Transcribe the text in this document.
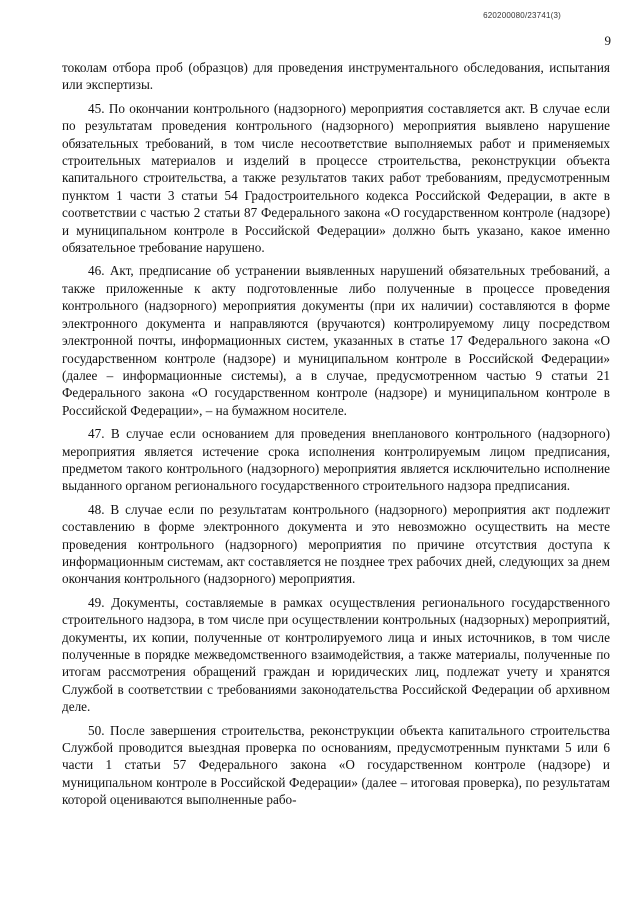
620200080/23741(3)
9

токолам отбора проб (образцов) для проведения инструментального обследования, испытания или экспертизы.

45. По окончании контрольного (надзорного) мероприятия составляется акт. В случае если по результатам проведения контрольного (надзорного) мероприятия выявлено нарушение обязательных требований, в том числе несоответствие выполняемых работ и применяемых строительных материалов и изделий в процессе строительства, реконструкции объекта капитального строительства, а также результатов таких работ требованиям, предусмотренным пунктом 1 части 3 статьи 54 Градостроительного кодекса Российской Федерации, в акте в соответствии с частью 2 статьи 87 Федерального закона «О государственном контроле (надзоре) и муниципальном контроле в Российской Федерации» должно быть указано, какое именно обязательное требование нарушено.

46. Акт, предписание об устранении выявленных нарушений обязательных требований, а также приложенные к акту подготовленные либо полученные в процессе проведения контрольного (надзорного) мероприятия документы (при их наличии) составляются в форме электронного документа и направляются (вручаются) контролируемому лицу посредством электронной почты, информационных систем, указанных в статье 17 Федерального закона «О государственном контроле (надзоре) и муниципальном контроле в Российской Федерации» (далее – информационные системы), а в случае, предусмотренном частью 9 статьи 21 Федерального закона «О государственном контроле (надзоре) и муниципальном контроле в Российской Федерации», – на бумажном носителе.

47. В случае если основанием для проведения внепланового контрольного (надзорного) мероприятия является истечение срока исполнения контролируемым лицом предписания, предметом такого контрольного (надзорного) мероприятия является исключительно исполнение выданного органом регионального государственного строительного надзора предписания.

48. В случае если по результатам контрольного (надзорного) мероприятия акт подлежит составлению в форме электронного документа и это невозможно осуществить на месте проведения контрольного (надзорного) мероприятия по причине отсутствия доступа к информационным системам, акт составляется не позднее трех рабочих дней, следующих за днем окончания контрольного (надзорного) мероприятия.

49. Документы, составляемые в рамках осуществления регионального государственного строительного надзора, в том числе при осуществлении контрольных (надзорных) мероприятий, документы, их копии, полученные от контролируемого лица и иных источников, в том числе полученные в порядке межведомственного взаимодействия, а также материалы, полученные по итогам рассмотрения обращений граждан и юридических лиц, подлежат учету и хранятся Службой в соответствии с требованиями законодательства Российской Федерации об архивном деле.

50. После завершения строительства, реконструкции объекта капитального строительства Службой проводится выездная проверка по основаниям, предусмотренным пунктами 5 или 6 части 1 статьи 57 Федерального закона «О государственном контроле (надзоре) и муниципальном контроле в Российской Федерации» (далее – итоговая проверка), по результатам которой оцениваются выполненные рабо-
